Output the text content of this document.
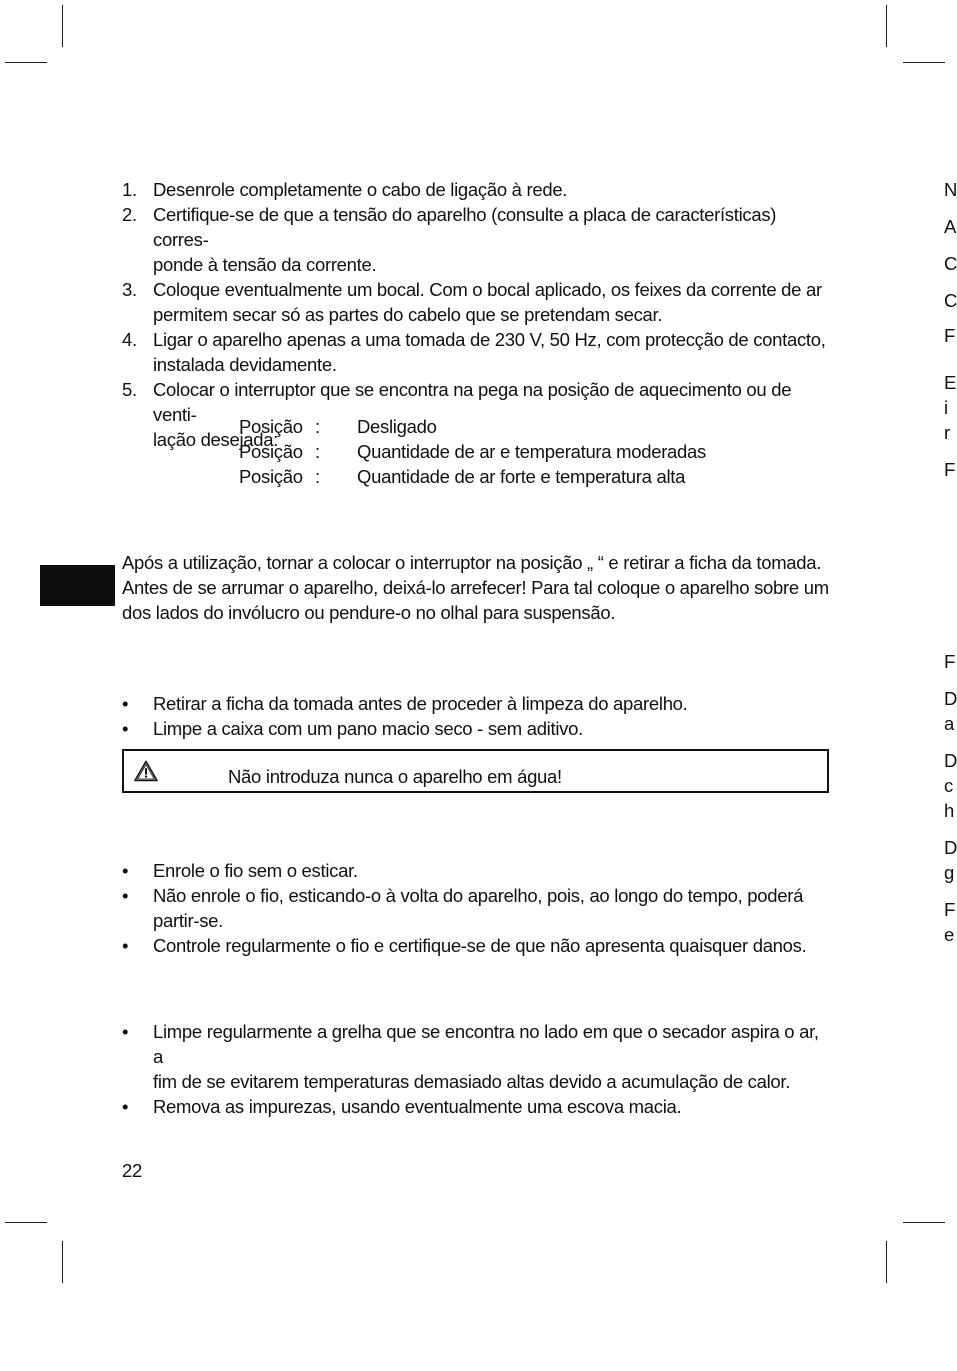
1. Desenrole completamente o cabo de ligação à rede.
2. Certifique-se de que a tensão do aparelho (consulte a placa de características) corres-
ponde à tensão da corrente.
3. Coloque eventualmente um bocal. Com o bocal aplicado, os feixes da corrente de ar
permitem secar só as partes do cabelo que se pretendam secar.
4. Ligar o aparelho apenas a uma tomada de 230 V, 50 Hz, com protecção de contacto,
instalada devidamente.
5. Colocar o interruptor que se encontra na pega na posição de aquecimento ou de venti-
lação desejada:
Posição : Desligado
Posição : Quantidade de ar e temperatura moderadas
Posição : Quantidade de ar forte e temperatura alta
Após a utilização, tornar a colocar o interruptor na posição „ “ e retirar a ficha da tomada.
Antes de se arrumar o aparelho, deixá-lo arrefecer! Para tal coloque o aparelho sobre um
dos lados do invólucro ou pendure-o no olhal para suspensão.
• Retirar a ficha da tomada antes de proceder à limpeza do aparelho.
• Limpe a caixa com um pano macio seco - sem aditivo.
Não introduza nunca o aparelho em água!
• Enrole o fio sem o esticar.
• Não enrole o fio, esticando-o à volta do aparelho, pois, ao longo do tempo, poderá
partir-se.
• Controle regularmente o fio e certifique-se de que não apresenta quaisquer danos.
• Limpe regularmente a grelha que se encontra no lado em que o secador aspira o ar, a
fim de se evitarem temperaturas demasiado altas devido a acumulação de calor.
• Remova as impurezas, usando eventualmente uma escova macia.
22
N
A
C
C
F
E
i
r
F
F
D
a
D
c
h
D
g
F
e
